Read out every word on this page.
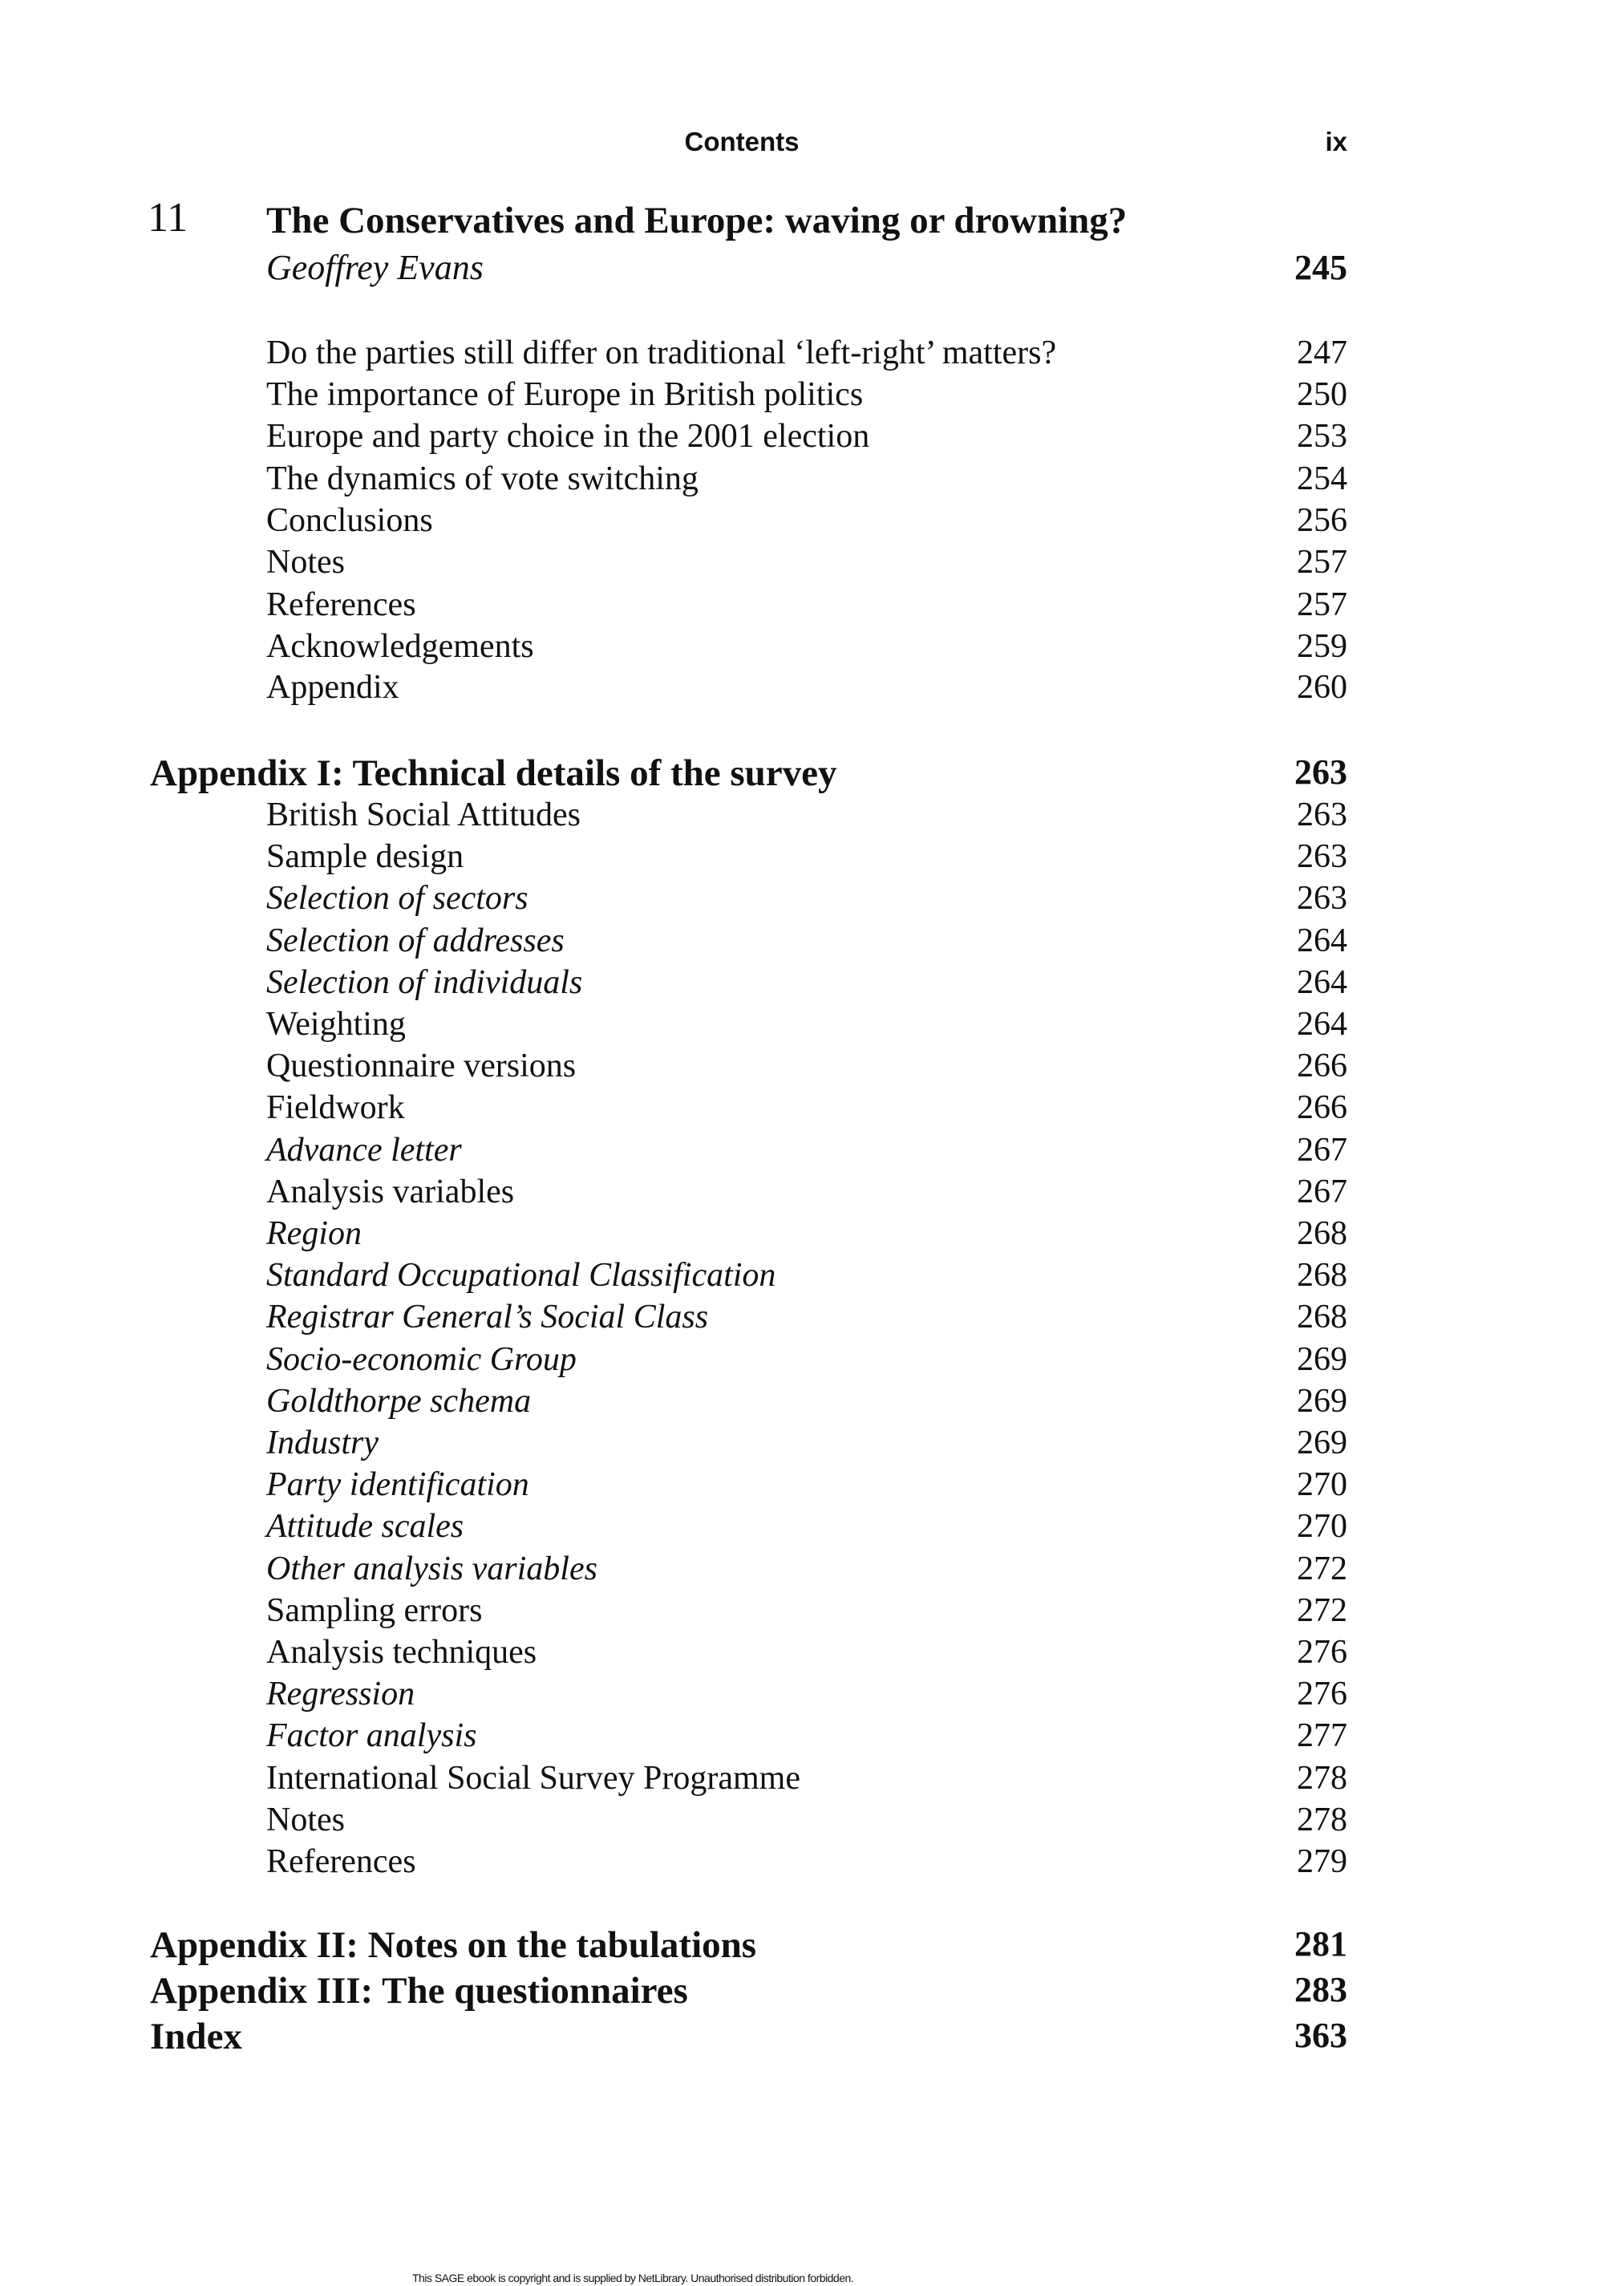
Contents	ix
11 The Conservatives and Europe: waving or drowning?
Geoffrey Evans	245
Do the parties still differ on traditional ‘left-right’ matters?	247
The importance of Europe in British politics	250
Europe and party choice in the 2001 election	253
The dynamics of vote switching	254
Conclusions	256
Notes	257
References	257
Acknowledgements	259
Appendix	260
Appendix I: Technical details of the survey	263
British Social Attitudes	263
Sample design	263
Selection of sectors	263
Selection of addresses	264
Selection of individuals	264
Weighting	264
Questionnaire versions	266
Fieldwork	266
Advance letter	267
Analysis variables	267
Region	268
Standard Occupational Classification	268
Registrar General’s Social Class	268
Socio-economic Group	269
Goldthorpe schema	269
Industry	269
Party identification	270
Attitude scales	270
Other analysis variables	272
Sampling errors	272
Analysis techniques	276
Regression	276
Factor analysis	277
International Social Survey Programme	278
Notes	278
References	279
Appendix II: Notes on the tabulations	281
Appendix III: The questionnaires	283
Index	363
This SAGE ebook is copyright and is supplied by NetLibrary. Unauthorised distribution forbidden.
